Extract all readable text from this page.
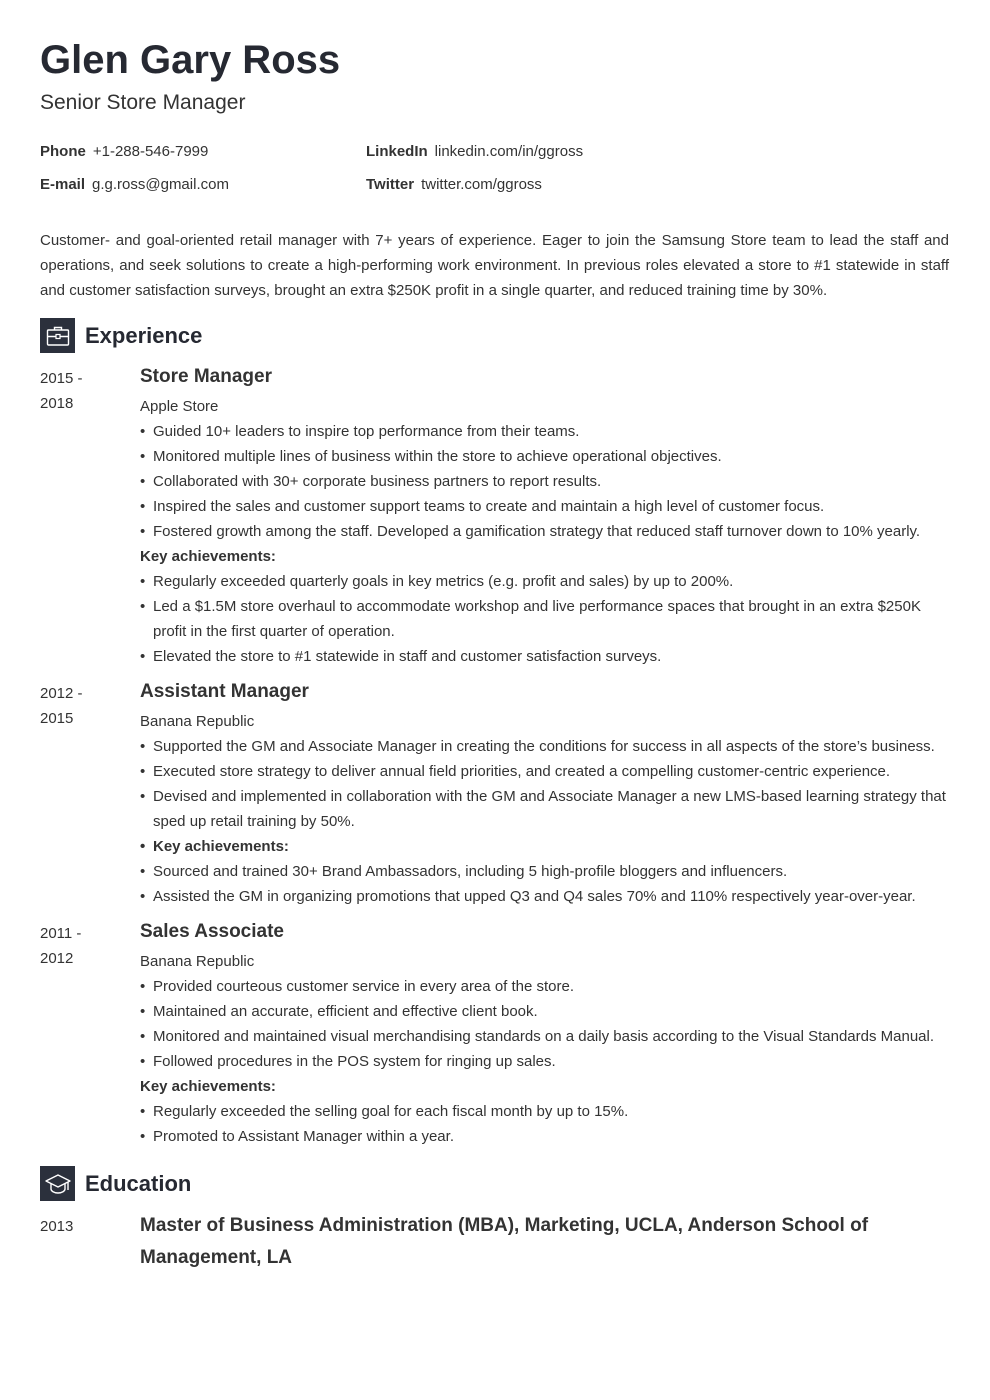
Glen Gary Ross
Senior Store Manager
Phone +1-288-546-7999
E-mail g.g.ross@gmail.com
LinkedIn linkedin.com/in/ggross
Twitter twitter.com/ggross
Customer- and goal-oriented retail manager with 7+ years of experience. Eager to join the Samsung Store team to lead the staff and operations, and seek solutions to create a high-performing work environment. In previous roles elevated a store to #1 statewide in staff and customer satisfaction surveys, brought an extra $250K profit in a single quarter, and reduced training time by 30%.
Experience
2015 -
2018
Store Manager
Apple Store
• Guided 10+ leaders to inspire top performance from their teams.
• Monitored multiple lines of business within the store to achieve operational objectives.
• Collaborated with 30+ corporate business partners to report results.
• Inspired the sales and customer support teams to create and maintain a high level of customer focus.
• Fostered growth among the staff. Developed a gamification strategy that reduced staff turnover down to 10% yearly.
Key achievements:
• Regularly exceeded quarterly goals in key metrics (e.g. profit and sales) by up to 200%.
• Led a $1.5M store overhaul to accommodate workshop and live performance spaces that brought in an extra $250K profit in the first quarter of operation.
• Elevated the store to #1 statewide in staff and customer satisfaction surveys.
2012 -
2015
Assistant Manager
Banana Republic
• Supported the GM and Associate Manager in creating the conditions for success in all aspects of the store’s business.
• Executed store strategy to deliver annual field priorities, and created a compelling customer-centric experience.
• Devised and implemented in collaboration with the GM and Associate Manager a new LMS-based learning strategy that sped up retail training by 50%.
• Key achievements:
• Sourced and trained 30+ Brand Ambassadors, including 5 high-profile bloggers and influencers.
• Assisted the GM in organizing promotions that upped Q3 and Q4 sales 70% and 110% respectively year-over-year.
2011 -
2012
Sales Associate
Banana Republic
• Provided courteous customer service in every area of the store.
• Maintained an accurate, efficient and effective client book.
• Monitored and maintained visual merchandising standards on a daily basis according to the Visual Standards Manual.
• Followed procedures in the POS system for ringing up sales.
Key achievements:
• Regularly exceeded the selling goal for each fiscal month by up to 15%.
• Promoted to Assistant Manager within a year.
Education
2013	Master of Business Administration (MBA), Marketing, UCLA, Anderson School of Management, LA
